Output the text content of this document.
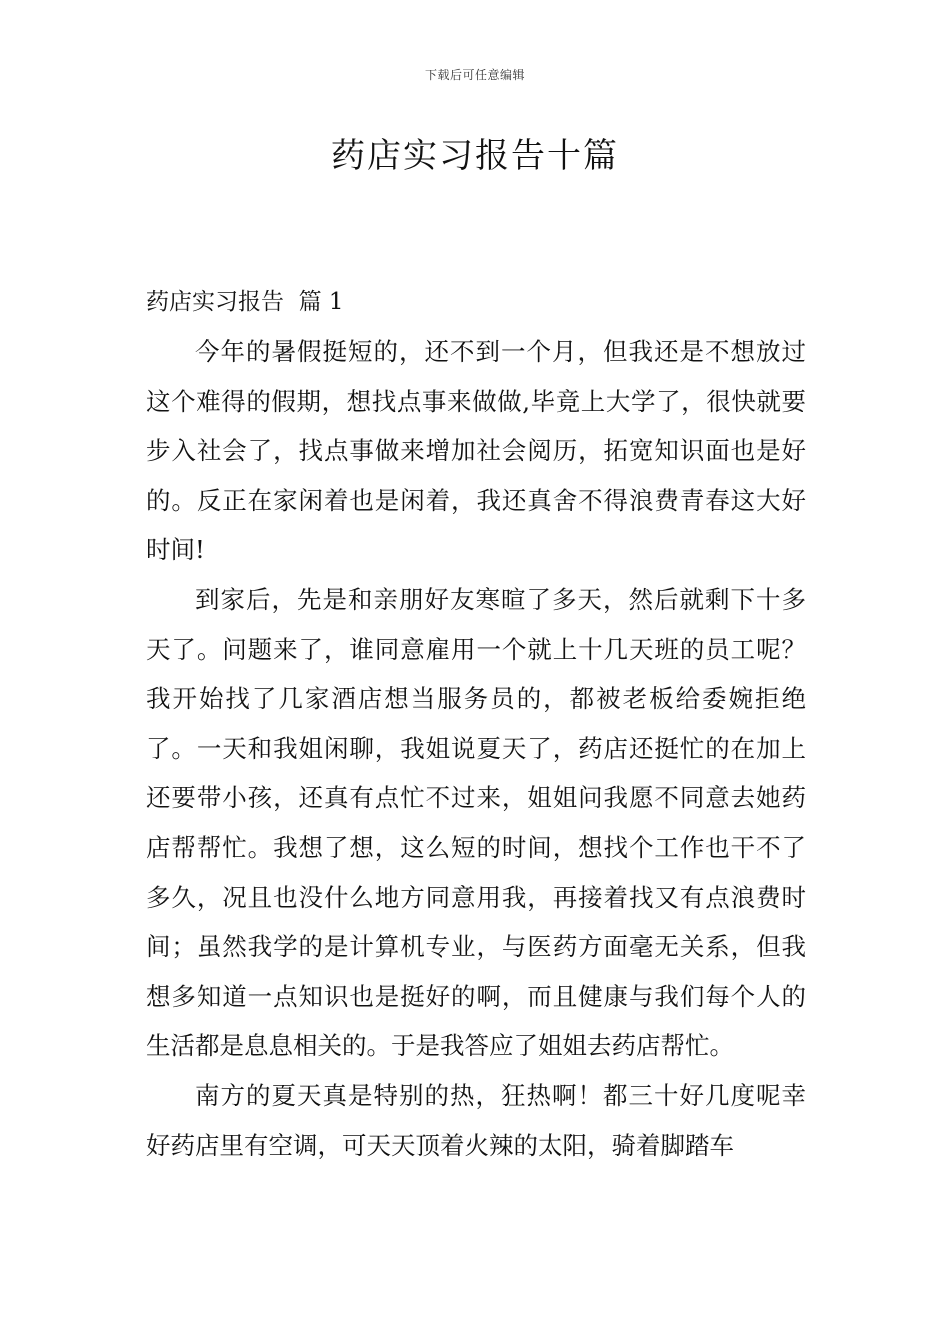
下载后可任意编辑
药店实习报告十篇
药店实习报告  篇 1

今年的暑假挺短的，还不到一个月，但我还是不想放过这个难得的假期，想找点事来做做,毕竟上大学了，很快就要步入社会了，找点事做来增加社会阅历，拓宽知识面也是好的。反正在家闲着也是闲着，我还真舍不得浪费青春这大好时间!

到家后，先是和亲朋好友寒暄了多天，然后就剩下十多天了。问题来了，谁同意雇用一个就上十几天班的员工呢？我开始找了几家酒店想当服务员的，都被老板给委婉拒绝了。一天和我姐闲聊，我姐说夏天了，药店还挺忙的在加上还要带小孩，还真有点忙不过来，姐姐问我愿不同意去她药店帮帮忙。我想了想，这么短的时间，想找个工作也干不了多久，况且也没什么地方同意用我，再接着找又有点浪费时间；虽然我学的是计算机专业，与医药方面毫无关系，但我想多知道一点知识也是挺好的啊，而且健康与我们每个人的生活都是息息相关的。于是我答应了姐姐去药店帮忙。

南方的夏天真是特别的热，狂热啊！都三十好几度呢幸好药店里有空调，可天天顶着火辣的太阳，骑着脚踏车
